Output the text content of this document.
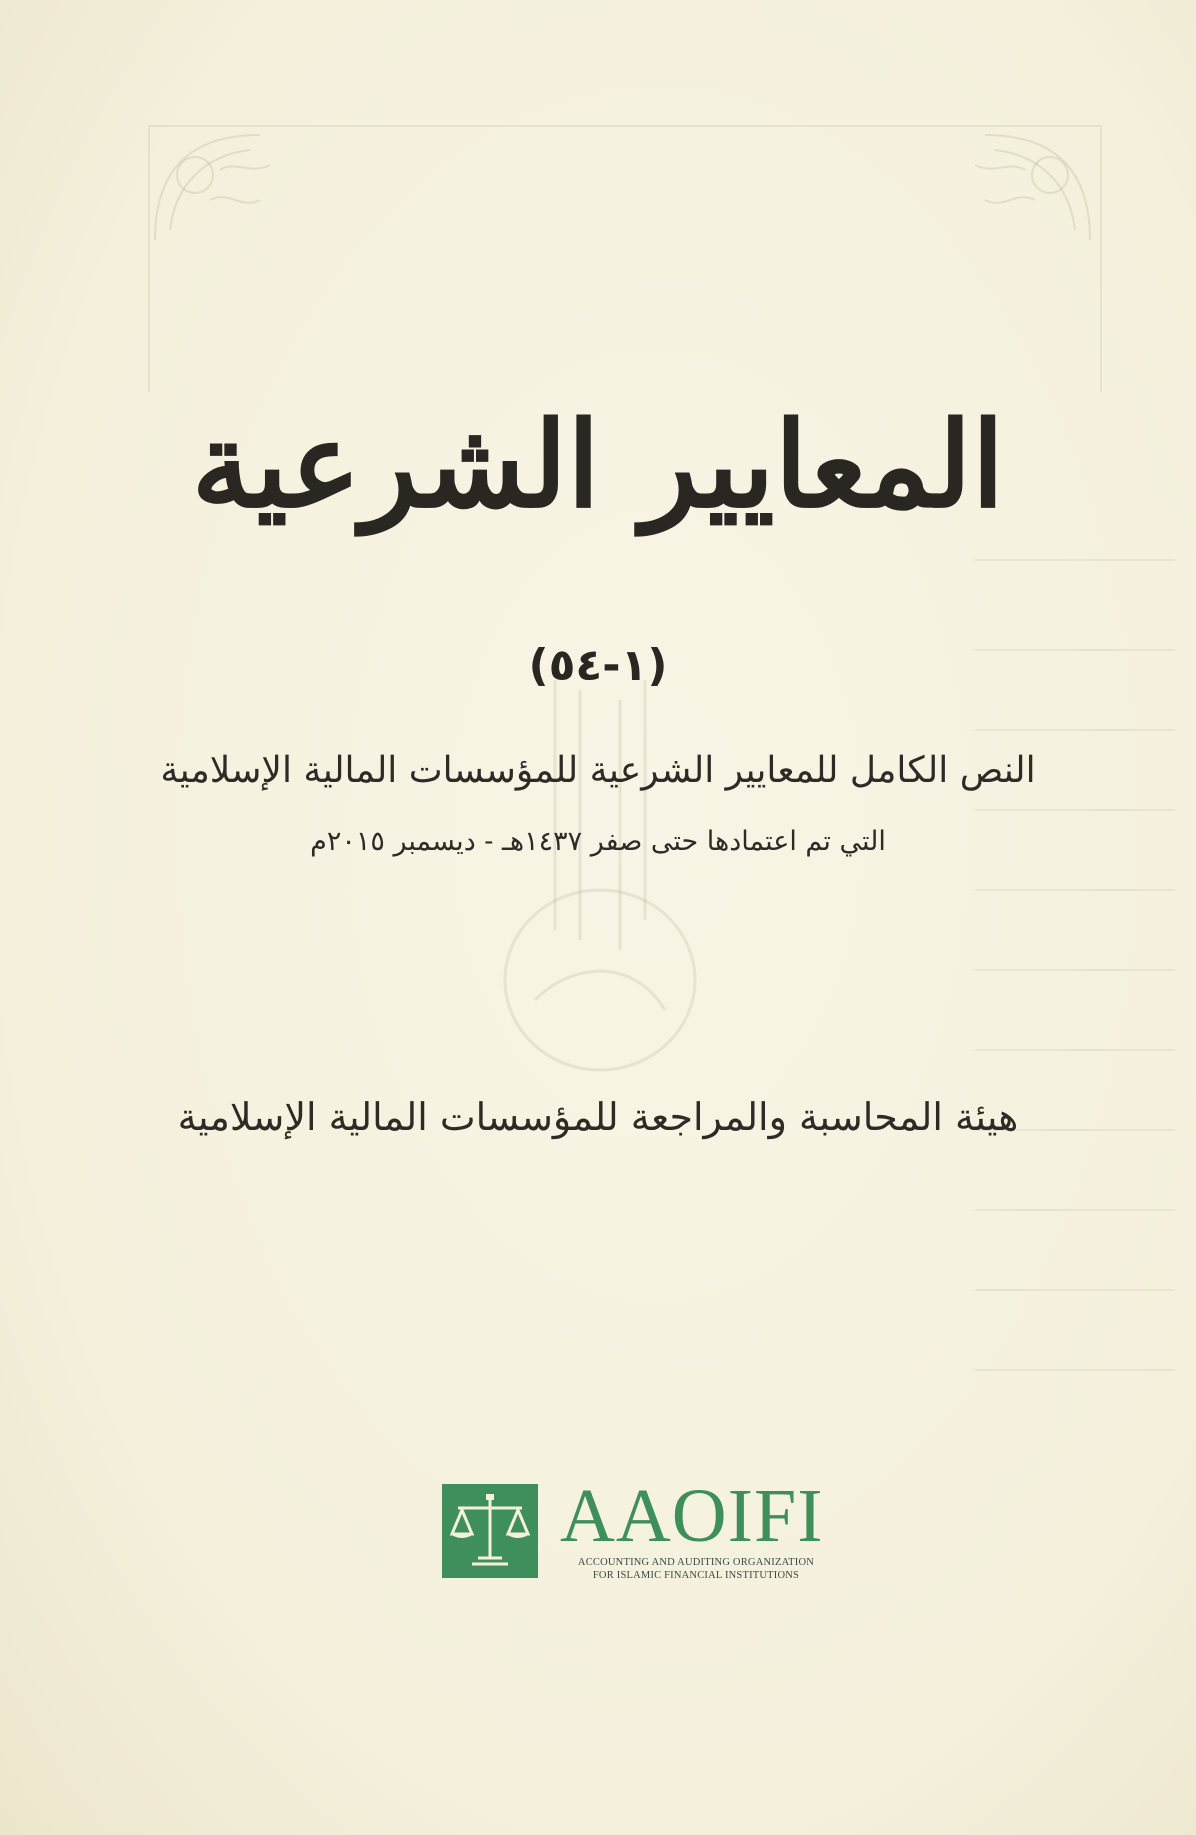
المعايير الشرعية
(١-٥٤)
النص الكامل للمعايير الشرعية للمؤسسات المالية الإسلامية
التي تم اعتمادها حتى صفر ١٤٣٧هـ - ديسمبر ٢٠١٥م
هيئة المحاسبة والمراجعة للمؤسسات المالية الإسلامية
AAOIFI
ACCOUNTING AND AUDITING ORGANIZATION
FOR ISLAMIC FINANCIAL INSTITUTIONS
